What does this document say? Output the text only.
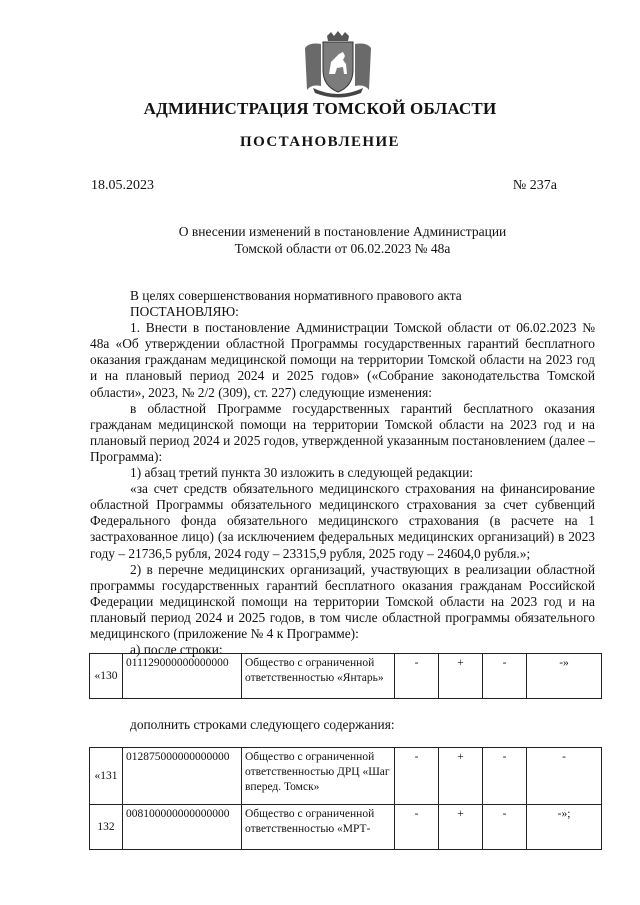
АДМИНИСТРАЦИЯ ТОМСКОЙ ОБЛАСТИ
ПОСТАНОВЛЕНИЕ
18.05.2023	№ 237а
О внесении изменений в постановление Администрации
Томской области от 06.02.2023 № 48а

В целях совершенствования нормативного правового акта

ПОСТАНОВЛЯЮ:

1. Внести в постановление Администрации Томской области от 06.02.2023 № 48а «Об утверждении областной Программы государственных гарантий бесплатного оказания гражданам медицинской помощи на территории Томской области на 2023 год и на плановый период 2024 и 2025 годов» («Собрание законодательства Томской области», 2023, № 2/2 (309), ст. 227) следующие изменения:

в областной Программе государственных гарантий бесплатного оказания гражданам медицинской помощи на территории Томской области на 2023 год и на плановый период 2024 и 2025 годов, утвержденной указанным постановлением (далее – Программа):

1) абзац третий пункта 30 изложить в следующей редакции:

«за счет средств обязательного медицинского страхования на финансирование областной Программы обязательного медицинского страхования за счет субвенций Федерального фонда обязательного медицинского страхования (в расчете на 1 застрахованное лицо) (за исключением федеральных медицинских организаций) в 2023 году – 21736,5 рубля, 2024 году – 23315,9 рубля, 2025 году – 24604,0 рубля.»;

2) в перечне медицинских организаций, участвующих в реализации областной программы государственных гарантий бесплатного оказания гражданам Российской Федерации медицинской помощи на территории Томской области на 2023 год и на плановый период 2024 и 2025 годов, в том числе областной программы обязательного медицинского (приложение № 4 к Программе):

а) после строки:

«130	011129000000000000	Общество с ограниченной ответственностью «Янтарь»	-	+	-	-»
дополнить строками следующего содержания:
«131	012875000000000000	Общество с ограниченной ответственностью ДРЦ «Шаг вперед. Томск»	-	+	-	-
132	008100000000000000	Общество с ограниченной ответственностью «МРТ-	-	+	-	-»;
